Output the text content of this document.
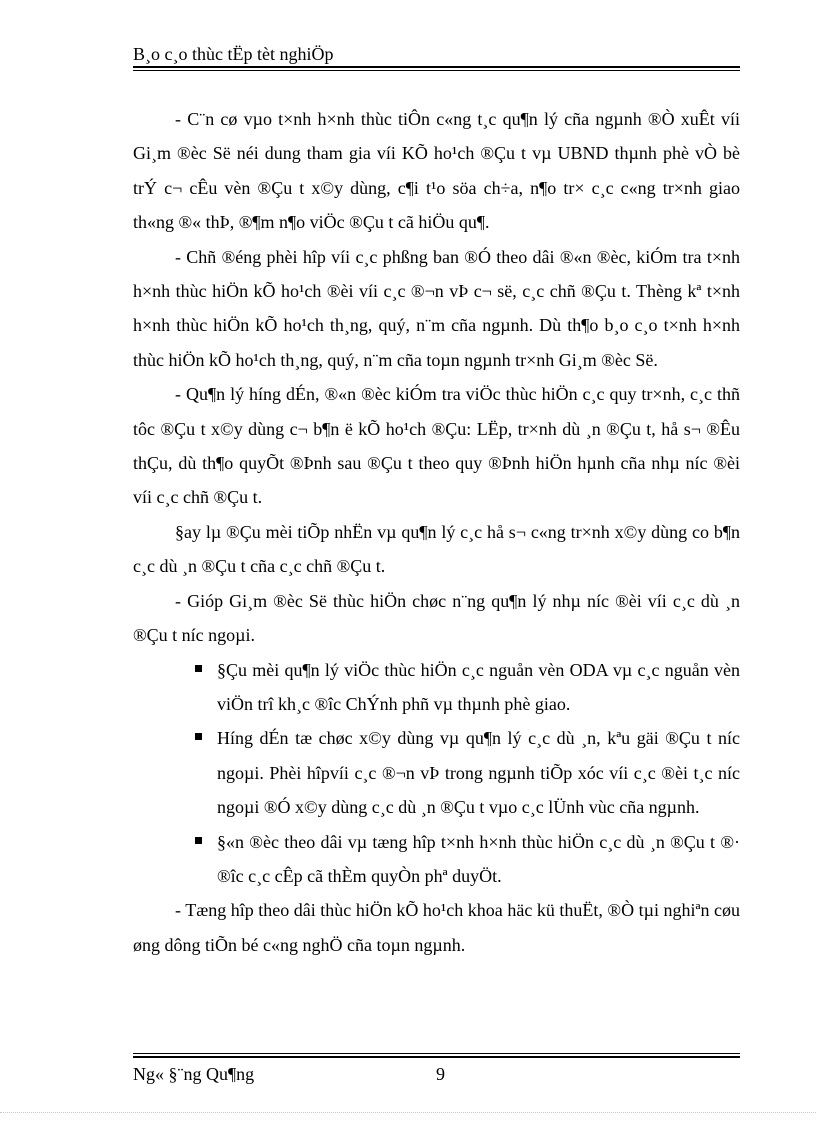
B¸o c¸o thùc tËp tèt nghiÖp

- C¨n cø vµo t×nh h×nh thùc tiÔn c«ng t¸c qu¶n lý cña ngµnh ®Ò xuÊt víi Gi¸m ®èc Së néi dung tham gia víi KÕ ho¹ch ®Çu t vµ UBND thµnh phè vÒ bè trÝ c¬ cÊu vèn ®Çu t x©y dùng, c¶i t¹o söa ch÷a, n¶o tr× c¸c c«ng tr×nh giao th«ng ®« thÞ, ®¶m n¶o viÖc ®Çu t cã hiÖu qu¶.

- Chñ ®éng phèi hîp víi c¸c phßng ban ®Ó theo dâi ®«n ®èc, kiÓm tra t×nh h×nh thùc hiÖn kÕ ho¹ch ®èi víi c¸c ®¬n vÞ c¬ së, c¸c chñ ®Çu t. Thèng kª t×nh h×nh thùc hiÖn kÕ ho¹ch th¸ng, quý, n¨m cña ngµnh. Dù th¶o b¸o c¸o t×nh h×nh thùc hiÖn kÕ ho¹ch th¸ng, quý, n¨m cña toµn ngµnh tr×nh Gi¸m ®èc Së.

- Qu¶n lý híng dÉn, ®«n ®èc kiÓm tra viÖc thùc hiÖn c¸c quy tr×nh, c¸c thñ tôc ®Çu t x©y dùng c¬ b¶n ë kÕ ho¹ch ®Çu: LËp, tr×nh dù ¸n ®Çu t, hå s¬ ®Êu thÇu, dù th¶o quyÕt ®Þnh sau ®Çu t theo quy ®Þnh hiÖn hµnh cña nhµ níc ®èi víi c¸c chñ ®Çu t.

§ay lµ ®Çu mèi tiÕp nhËn vµ qu¶n lý c¸c hå s¬ c«ng tr×nh x©y dùng co b¶n c¸c dù ¸n ®Çu t cña c¸c chñ ®Çu t.

- Gióp Gi¸m ®èc Së thùc hiÖn chøc n¨ng qu¶n lý nhµ níc ®èi víi c¸c dù ¸n ®Çu t níc ngoµi.

§Çu mèi qu¶n lý viÖc thùc hiÖn c¸c nguån vèn ODA vµ c¸c nguån vèn viÖn trî kh¸c ®îc ChÝnh phñ vµ thµnh phè giao.
Híng dÉn tæ chøc x©y dùng vµ qu¶n lý c¸c dù ¸n, kªu gäi ®Çu t níc ngoµi. Phèi hîpvíi c¸c ®¬n vÞ trong ngµnh tiÕp xóc víi c¸c ®èi t¸c níc ngoµi ®Ó x©y dùng c¸c dù ¸n ®Çu t vµo c¸c lÜnh vùc cña ngµnh.
§«n ®èc theo dâi vµ tæng hîp t×nh h×nh thùc hiÖn c¸c dù ¸n ®Çu t ®· ®îc c¸c cÊp cã thÈm quyÒn phª duyÖt.

- Tæng hîp theo dâi thùc hiÖn kÕ ho¹ch khoa häc kü thuËt, ®Ò tµi nghiªn cøu øng dông tiÕn bé c«ng nghÖ cña toµn ngµnh.

Ng« §¨ng Qu¶ng	9
